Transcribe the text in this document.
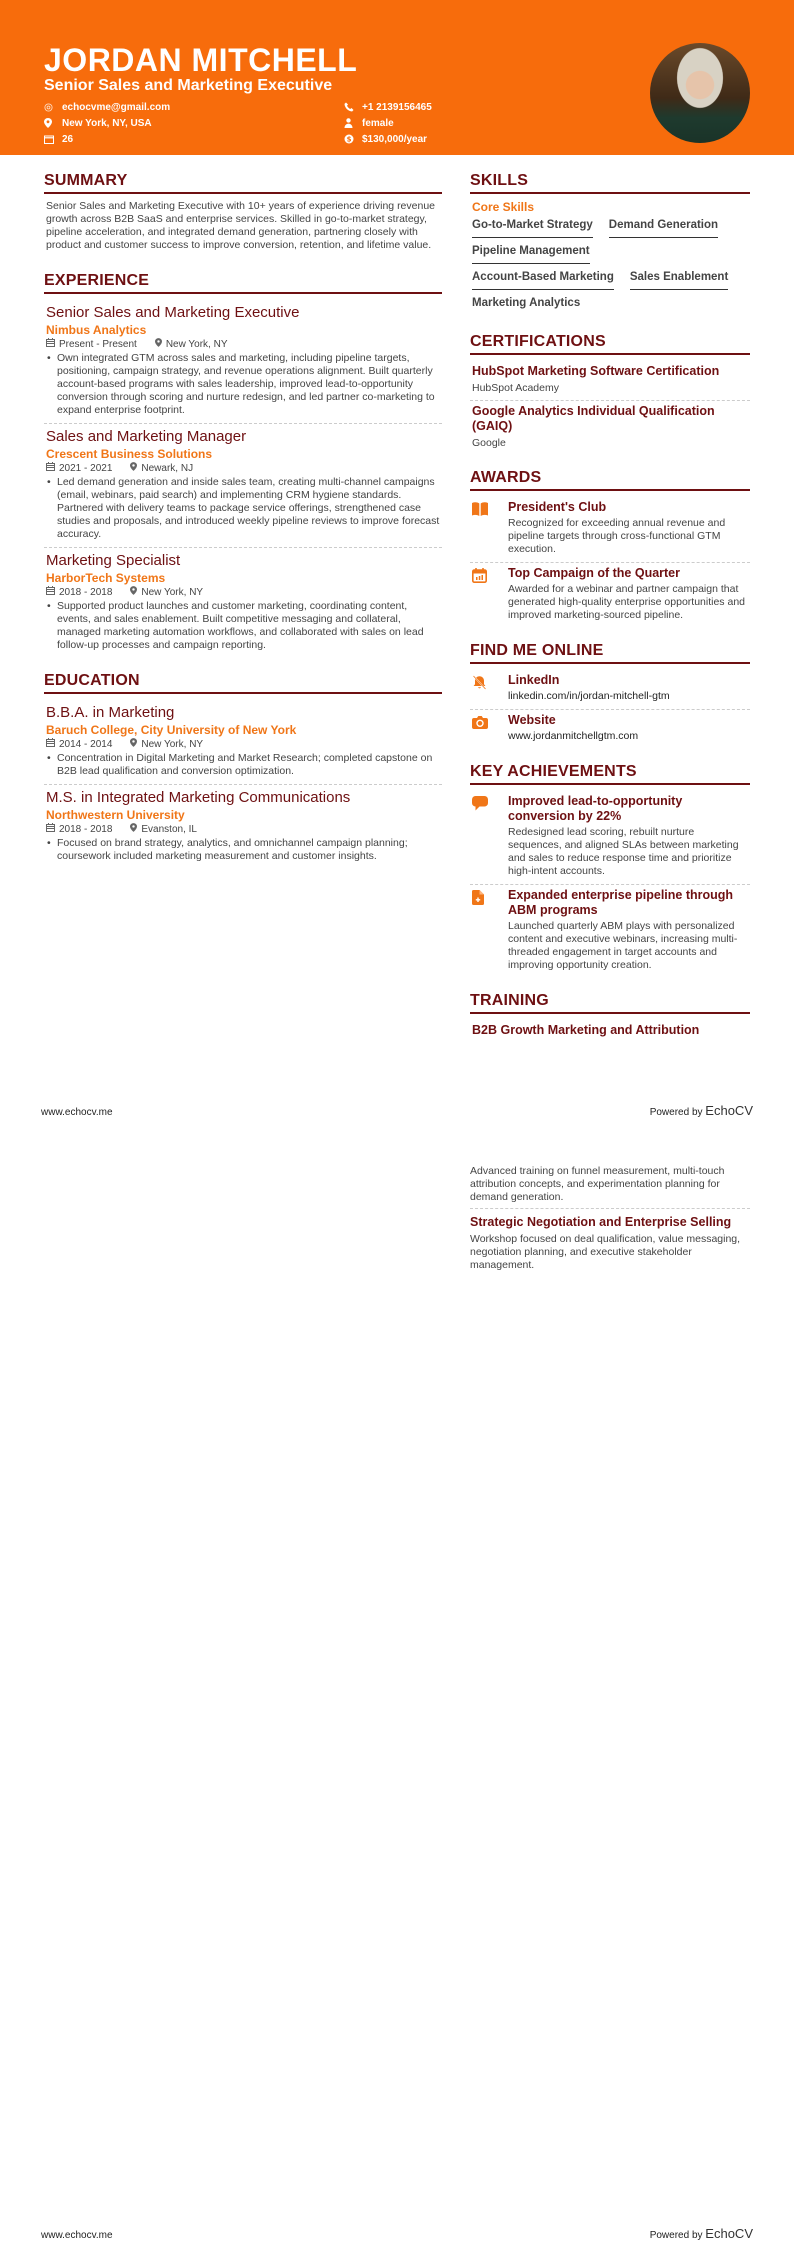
JORDAN MITCHELL
Senior Sales and Marketing Executive
echocvme@gmail.com
New York, NY, USA
26
+1 2139156465
female
$ $130,000/year
SUMMARY
Senior Sales and Marketing Executive with 10+ years of experience driving revenue growth across B2B SaaS and enterprise services. Skilled in go-to-market strategy, pipeline acceleration, and integrated demand generation, partnering closely with product and customer success to improve conversion, retention, and lifetime value.
EXPERIENCE
Senior Sales and Marketing Executive
Nimbus Analytics
Present - Present	New York, NY
• Own integrated GTM across sales and marketing, including pipeline targets, positioning, campaign strategy, and revenue operations alignment. Built quarterly account-based programs with sales leadership, improved lead-to-opportunity conversion through scoring and nurture redesign, and led partner co-marketing to expand enterprise footprint.
Sales and Marketing Manager
Crescent Business Solutions
2021 - 2021	Newark, NJ
• Led demand generation and inside sales team, creating multi-channel campaigns (email, webinars, paid search) and implementing CRM hygiene standards. Partnered with delivery teams to package service offerings, strengthened case studies and proposals, and introduced weekly pipeline reviews to improve forecast accuracy.
Marketing Specialist
HarborTech Systems
2018 - 2018	New York, NY
• Supported product launches and customer marketing, coordinating content, events, and sales enablement. Built competitive messaging and collateral, managed marketing automation workflows, and collaborated with sales on lead follow-up processes and campaign reporting.
EDUCATION
B.B.A. in Marketing
Baruch College, City University of New York
2014 - 2014	New York, NY
• Concentration in Digital Marketing and Market Research; completed capstone on B2B lead qualification and conversion optimization.
M.S. in Integrated Marketing Communications
Northwestern University
2018 - 2018	Evanston, IL
• Focused on brand strategy, analytics, and omnichannel campaign planning; coursework included marketing measurement and customer insights.
SKILLS
Core Skills
Go-to-Market Strategy Demand Generation
Pipeline Management
Account-Based Marketing Sales Enablement
Marketing Analytics
CERTIFICATIONS
HubSpot Marketing Software Certification
HubSpot Academy
Google Analytics Individual Qualification (GAIQ)
Google
AWARDS
President's Club
Recognized for exceeding annual revenue and pipeline targets through cross-functional GTM execution.
Top Campaign of the Quarter
Awarded for a webinar and partner campaign that generated high-quality enterprise opportunities and improved marketing-sourced pipeline.
FIND ME ONLINE
LinkedIn
linkedin.com/in/jordan-mitchell-gtm
Website
www.jordanmitchellgtm.com
KEY ACHIEVEMENTS
Improved lead-to-opportunity conversion by 22%
Redesigned lead scoring, rebuilt nurture sequences, and aligned SLAs between marketing and sales to reduce response time and prioritize high-intent accounts.
Expanded enterprise pipeline through ABM programs
Launched quarterly ABM plays with personalized content and executive webinars, increasing multi-threaded engagement in target accounts and improving opportunity creation.
TRAINING
B2B Growth Marketing and Attribution
www.echocv.me	Powered by EchoCV
Advanced training on funnel measurement, multi-touch attribution concepts, and experimentation planning for demand generation.
Strategic Negotiation and Enterprise Selling
Workshop focused on deal qualification, value messaging, negotiation planning, and executive stakeholder management.
www.echocv.me	Powered by EchoCV
